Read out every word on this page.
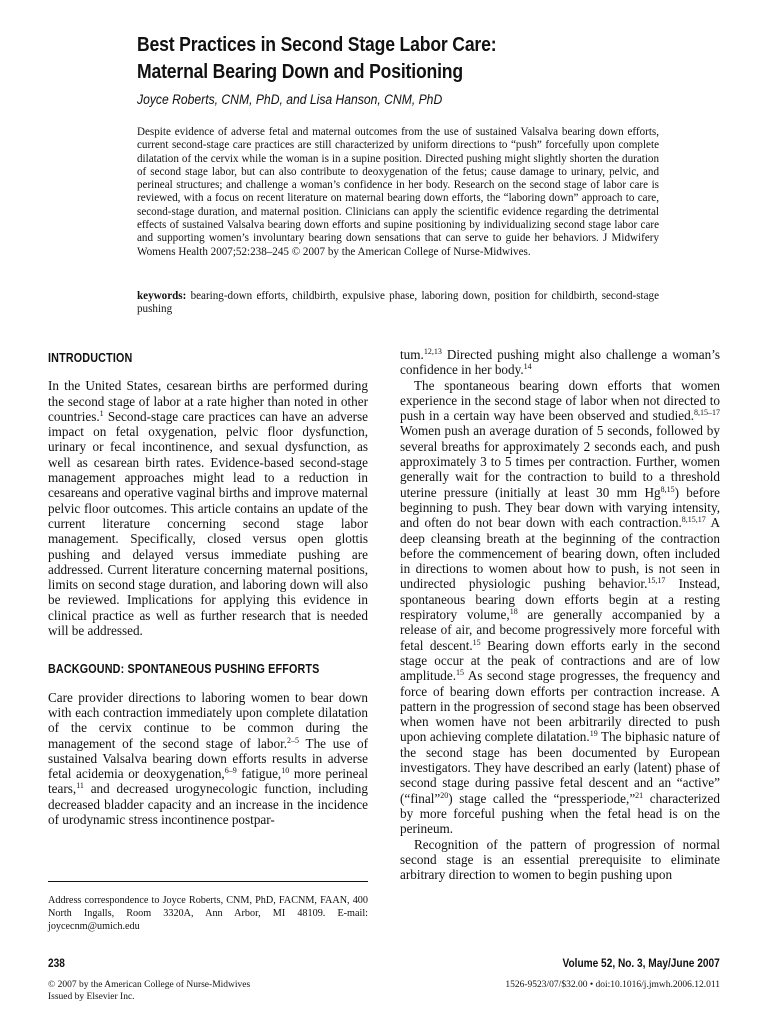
Best Practices in Second Stage Labor Care:
Maternal Bearing Down and Positioning
Joyce Roberts, CNM, PhD, and Lisa Hanson, CNM, PhD

Despite evidence of adverse fetal and maternal outcomes from the use of sustained Valsalva bearing down efforts, current second-stage care practices are still characterized by uniform directions to “push” forcefully upon complete dilatation of the cervix while the woman is in a supine position. Directed pushing might slightly shorten the duration of second stage labor, but can also contribute to deoxygenation of the fetus; cause damage to urinary, pelvic, and perineal structures; and challenge a woman’s confidence in her body. Research on the second stage of labor care is reviewed, with a focus on recent literature on maternal bearing down efforts, the “laboring down” approach to care, second-stage duration, and maternal position. Clinicians can apply the scientific evidence regarding the detrimental effects of sustained Valsalva bearing down efforts and supine positioning by individualizing second stage labor care and supporting women’s involuntary bearing down sensations that can serve to guide her behaviors. J Midwifery Womens Health 2007;52:238–245 © 2007 by the American College of Nurse-Midwives.

keywords: bearing-down efforts, childbirth, expulsive phase, laboring down, position for childbirth, second-stage pushing

INTRODUCTION

In the United States, cesarean births are performed during the second stage of labor at a rate higher than noted in other countries.$^1$ Second-stage care practices can have an adverse impact on fetal oxygenation, pelvic floor dysfunction, urinary or fecal incontinence, and sexual dysfunction, as well as cesarean birth rates. Evidence-based second-stage management approaches might lead to a reduction in cesareans and operative vaginal births and improve maternal pelvic floor outcomes. This article contains an update of the current literature concerning second stage labor management. Specifically, closed versus open glottis pushing and delayed versus immediate pushing are addressed. Current literature concerning maternal positions, limits on second stage duration, and laboring down will also be reviewed. Implications for applying this evidence in clinical practice as well as further research that is needed will be addressed.

BACKGOUND: SPONTANEOUS PUSHING EFFORTS

Care provider directions to laboring women to bear down with each contraction immediately upon complete dilatation of the cervix continue to be common during the management of the second stage of labor.$^{2-5}$ The use of sustained Valsalva bearing down efforts results in adverse fetal acidemia or deoxygenation,$^{6-9}$ fatigue,$^{10}$ more perineal tears,$^{11}$ and decreased urogynecologic function, including decreased bladder capacity and an increase in the incidence of urodynamic stress incontinence postpar-

tum.$^{12,13}$ Directed pushing might also challenge a woman’s confidence in her body.$^{14}$

The spontaneous bearing down efforts that women experience in the second stage of labor when not directed to push in a certain way have been observed and studied.$^{8,15-17}$ Women push an average duration of 5 seconds, followed by several breaths for approximately 2 seconds each, and push approximately 3 to 5 times per contraction. Further, women generally wait for the contraction to build to a threshold uterine pressure (initially at least 30 mm Hg$^{8,15}$) before beginning to push. They bear down with varying intensity, and often do not bear down with each contraction.$^{8,15,17}$ A deep cleansing breath at the beginning of the contraction before the commencement of bearing down, often included in directions to women about how to push, is not seen in undirected physiologic pushing behavior.$^{15,17}$ Instead, spontaneous bearing down efforts begin at a resting respiratory volume,$^{18}$ are generally accompanied by a release of air, and become progressively more forceful with fetal descent.$^{15}$ Bearing down efforts early in the second stage occur at the peak of contractions and are of low amplitude.$^{15}$ As second stage progresses, the frequency and force of bearing down efforts per contraction increase. A pattern in the progression of second stage has been observed when women have not been arbitrarily directed to push upon achieving complete dilatation.$^{19}$ The biphasic nature of the second stage has been documented by European investigators. They have described an early (latent) phase of second stage during passive fetal descent and an “active” (“final”$^{20}$) stage called the “pressperiode,”$^{21}$ characterized by more forceful pushing when the fetal head is on the perineum.

Recognition of the pattern of progression of normal second stage is an essential prerequisite to eliminate arbitrary direction to women to begin pushing upon

Address correspondence to Joyce Roberts, CNM, PhD, FACNM, FAAN, 400 North Ingalls, Room 3320A, Ann Arbor, MI 48109. E-mail: joycecnm@umich.edu

238	Volume 52, No. 3, May/June 2007
© 2007 by the American College of Nurse-Midwives
Issued by Elsevier Inc.
1526-9523/07/$32.00 • doi:10.1016/j.jmwh.2006.12.011
